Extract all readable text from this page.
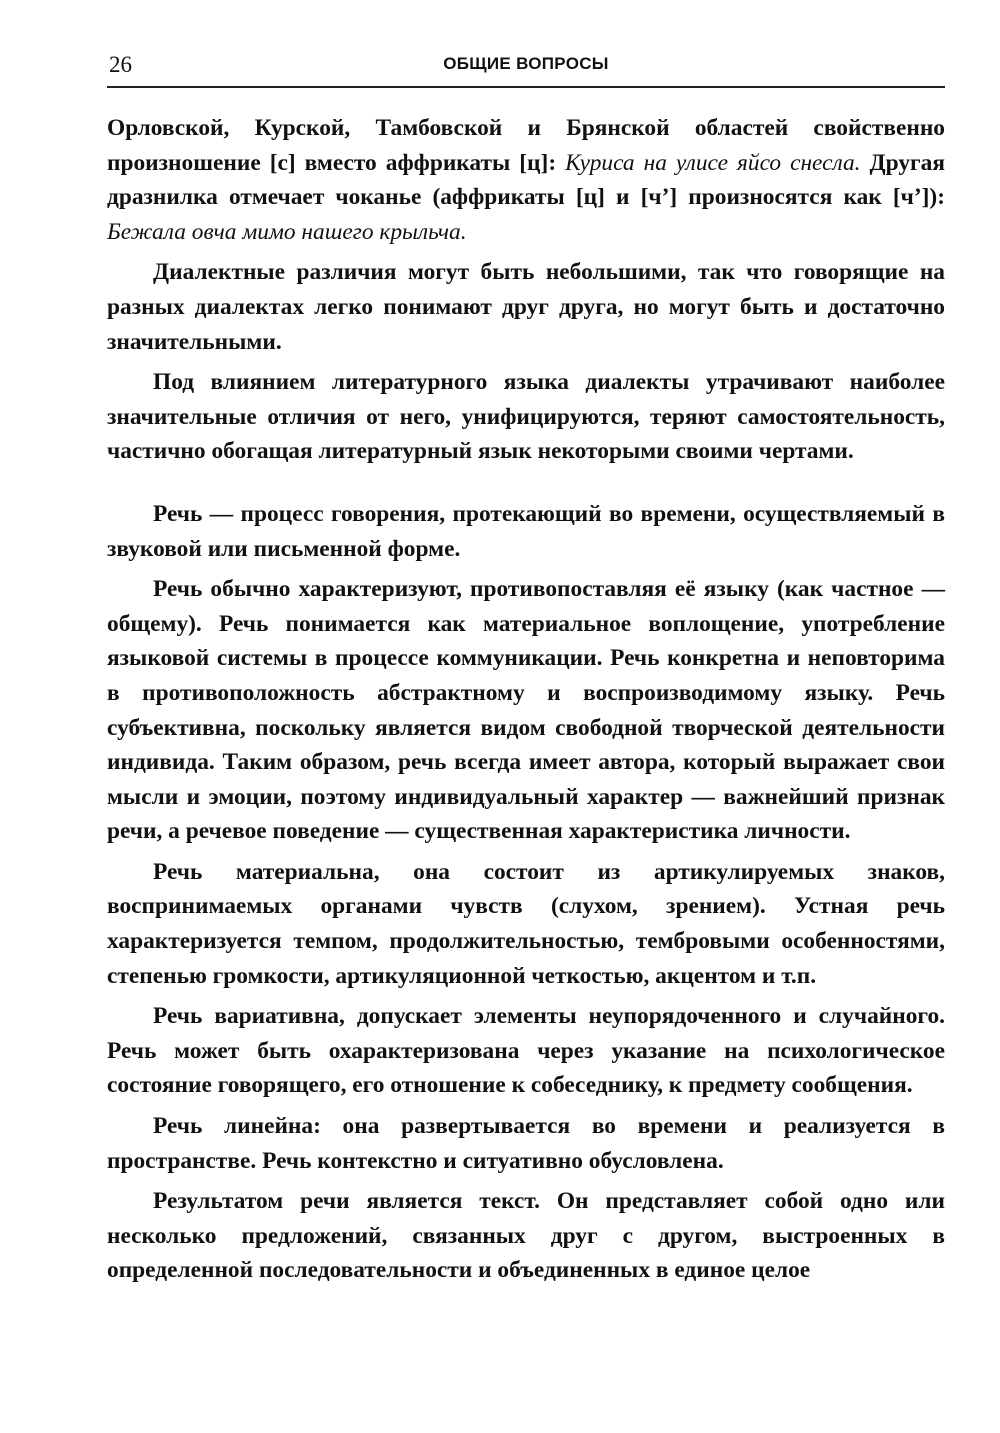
26	ОБЩИЕ ВОПРОСЫ

Орловской, Курской, Тамбовской и Брянской областей свойственно произношение [с] вместо аффрикаты [ц]: Куриса на улисе яйсо снесла. Другая дразнилка отмечает чоканье (аффрикаты [ц] и [ч’] произносятся как [ч’]): Бежала овча мимо нашего крыльча.

Диалектные различия могут быть небольшими, так что говорящие на разных диалектах легко понимают друг друга, но могут быть и достаточно значительными.

Под влиянием литературного языка диалекты утрачивают наиболее значительные отличия от него, унифицируются, теряют самостоятельность, частично обогащая литературный язык некоторыми своими чертами.

Речь — процесс говорения, протекающий во времени, осуществляемый в звуковой или письменной форме.

Речь обычно характеризуют, противопоставляя её языку (как частное — общему). Речь понимается как материальное воплощение, употребление языковой системы в процессе коммуникации. Речь конкретна и неповторима в противоположность абстрактному и воспроизводимому языку. Речь субъективна, поскольку является видом свободной творческой деятельности индивида. Таким образом, речь всегда имеет автора, который выражает свои мысли и эмоции, поэтому индивидуальный характер — важнейший признак речи, а речевое поведение — существенная характеристика личности.

Речь материальна, она состоит из артикулируемых знаков, воспринимаемых органами чувств (слухом, зрением). Устная речь характеризуется темпом, продолжительностью, тембровыми особенностями, степенью громкости, артикуляционной четкостью, акцентом и т.п.

Речь вариативна, допускает элементы неупорядоченного и случайного. Речь может быть охарактеризована через указание на психологическое состояние говорящего, его отношение к собеседнику, к предмету сообщения.

Речь линейна: она развертывается во времени и реализуется в пространстве. Речь контекстно и ситуативно обусловлена.

Результатом речи является текст. Он представляет собой одно или несколько предложений, связанных друг с другом, выстроенных в определенной последовательности и объединенных в единое целое
